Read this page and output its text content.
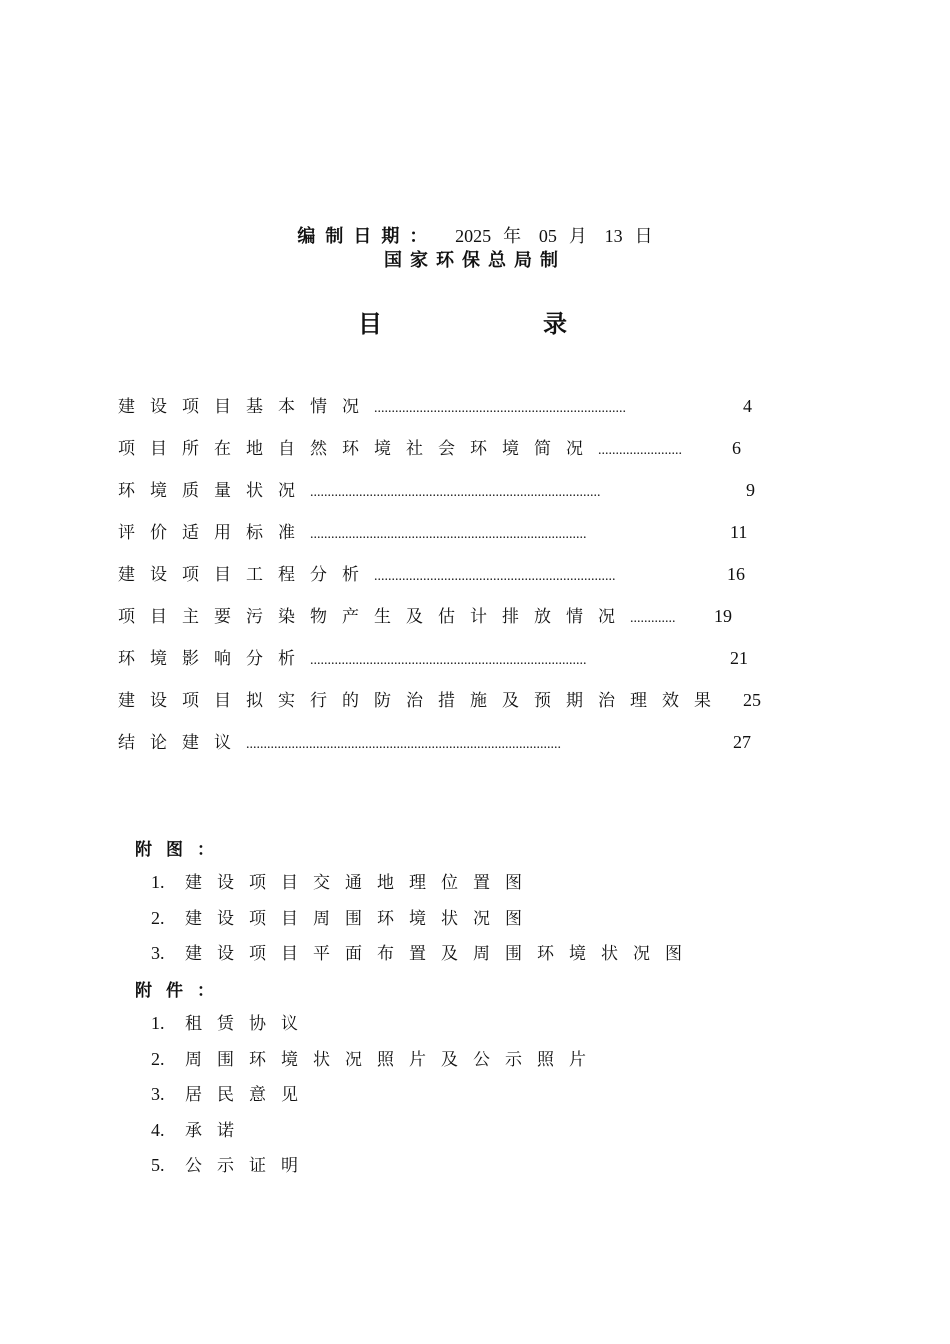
编制日期： 2025 年 05 月 13 日
国家环保总局制
目	录
建设项目基本情况 ........................................................................	4
项目所在地自然环境社会环境简况 ........................	6
环境质量状况 ...................................................................................	9
评价适用标准 ...............................................................................	11
建设项目工程分析 .....................................................................	16
项目主要污染物产生及估计排放情况 .............	19
环境影响分析 ...............................................................................	21
建设项目拟实行的防治措施及预期治理效果 25
结论建议 ..........................................................................................	27
附图：
1. 建设项目交通地理位置图
2. 建设项目周围环境状况图
3. 建设项目平面布置及周围环境状况图
附件：
1. 租赁协议
2. 周围环境状况照片及公示照片
3. 居民意见
4. 承诺
5. 公示证明
